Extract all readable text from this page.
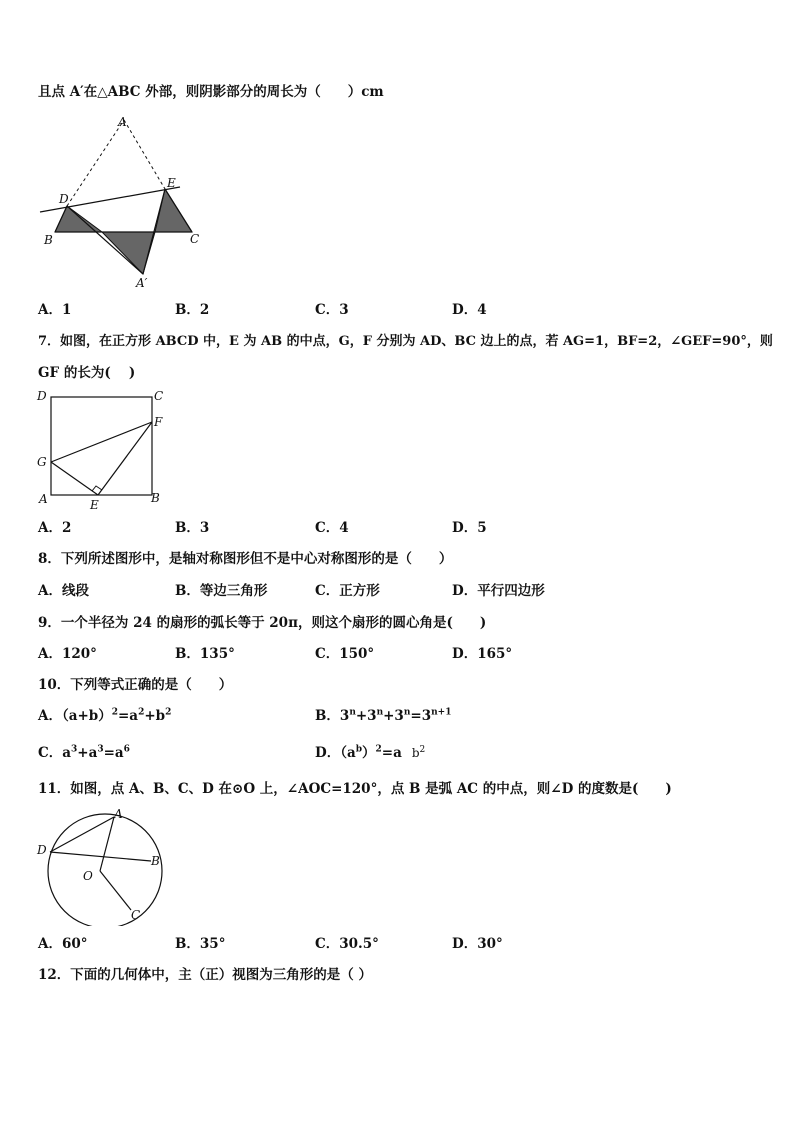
且点 A′在△ABC 外部，则阴影部分的周长为（　　）cm
A
D
E
B	C
A′
A．1	B．2	C．3	D．4
7．如图，在正方形 ABCD 中，E 为 AB 的中点，G，F 分别为 AD、BC 边上的点，若 AG=1，BF=2，∠GEF=90°，则
GF 的长为(　 )
D	C
F
G
A	E	B
A．2	B．3	C．4	D．5
8．下列所述图形中，是轴对称图形但不是中心对称图形的是（　　）
A．线段	B．等边三角形	C．正方形	D．平行四边形
9．一个半径为 24 的扇形的弧长等于 20π，则这个扇形的圆心角是(　　)
A．120°	B．135°	C．150°	D．165°
10．下列等式正确的是（　　）
A．$(a+b)^2=a^2+b^2$	B．$3^n+3^n+3^n=3^{n+1}$
C．$a^3+a^3=a^6$	D．$(a^b)^2=a$ $b^2$
11．如图，点 A、B、C、D 在⊙O 上，∠AOC=120°，点 B 是弧 AC 的中点，则∠D 的度数是(　　)
A
D
B
O
C
A．60°	B．35°	C．30.5°	D．30°
12．下面的几何体中，主（正）视图为三角形的是（ ）
